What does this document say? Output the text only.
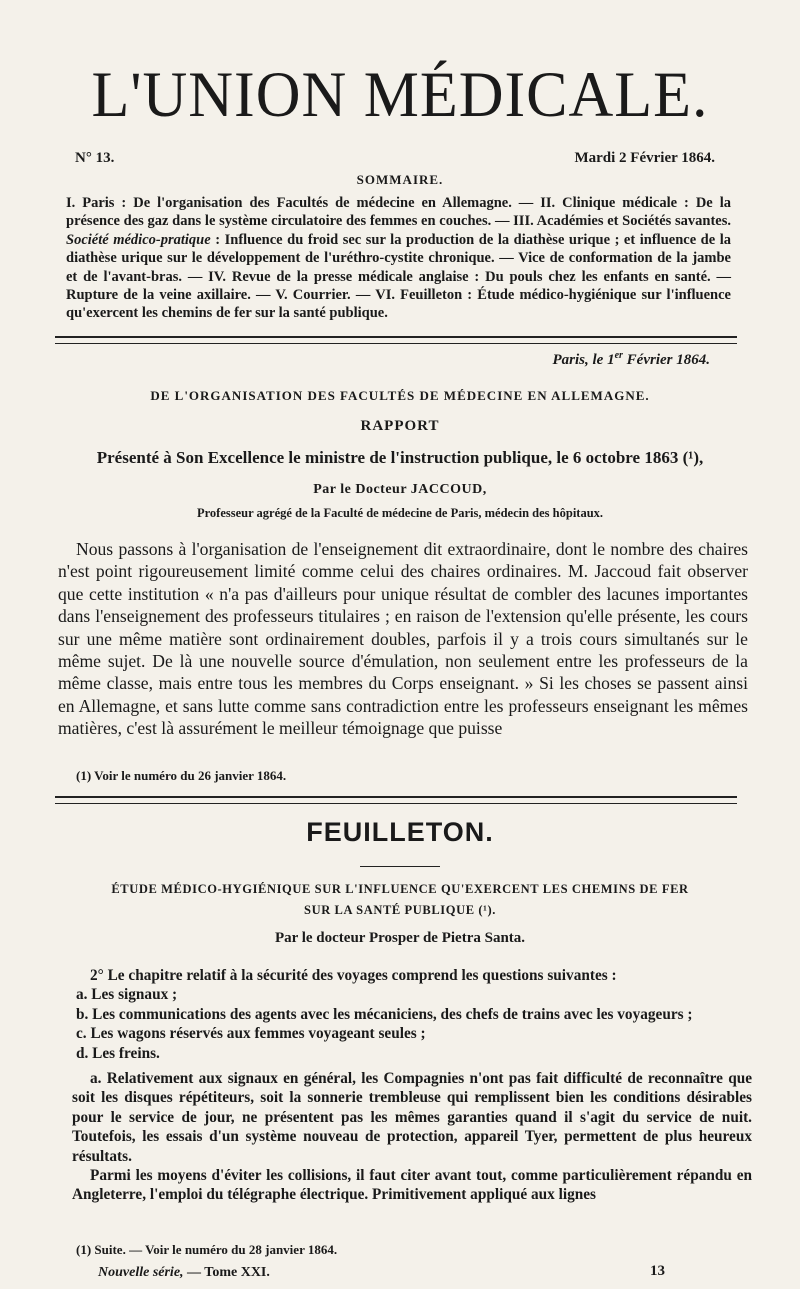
L'UNION MÉDICALE.
N° 13.	Mardi 2 Février 1864.
SOMMAIRE.
I. Paris : De l'organisation des Facultés de médecine en Allemagne. — II. Clinique médicale : De la présence des gaz dans le système circulatoire des femmes en couches. — III. Académies et Sociétés savantes. Société médico-pratique : Influence du froid sec sur la production de la diathèse urique ; et influence de la diathèse urique sur le développement de l'uréthro-cystite chronique. — Vice de conformation de la jambe et de l'avant-bras. — IV. Revue de la presse médicale anglaise : Du pouls chez les enfants en santé. — Rupture de la veine axillaire. — V. Courrier. — VI. Feuilleton : Étude médico-hygiénique sur l'influence qu'exercent les chemins de fer sur la santé publique.
Paris, le 1er Février 1864.
DE L'ORGANISATION DES FACULTÉS DE MÉDECINE EN ALLEMAGNE.
RAPPORT
Présenté à Son Excellence le ministre de l'instruction publique, le 6 octobre 1863 (¹),
Par le Docteur JACCOUD,
Professeur agrégé de la Faculté de médecine de Paris, médecin des hôpitaux.

Nous passons à l'organisation de l'enseignement dit extraordinaire, dont le nombre des chaires n'est point rigoureusement limité comme celui des chaires ordinaires. M. Jaccoud fait observer que cette institution « n'a pas d'ailleurs pour unique résultat de combler des lacunes importantes dans l'enseignement des professeurs titulaires ; en raison de l'extension qu'elle présente, les cours sur une même matière sont ordinairement doubles, parfois il y a trois cours simultanés sur le même sujet. De là une nouvelle source d'émulation, non seulement entre les professeurs de la même classe, mais entre tous les membres du Corps enseignant. » Si les choses se passent ainsi en Allemagne, et sans lutte comme sans contradiction entre les professeurs enseignant les mêmes matières, c'est là assurément le meilleur témoignage que puisse

(1) Voir le numéro du 26 janvier 1864.
FEUILLETON.
ÉTUDE MÉDICO-HYGIÉNIQUE SUR L'INFLUENCE QU'EXERCENT LES CHEMINS DE FER
SUR LA SANTÉ PUBLIQUE (¹).
Par le docteur Prosper de Pietra Santa.

2° Le chapitre relatif à la sécurité des voyages comprend les questions suivantes :

a. Les signaux ;

b. Les communications des agents avec les mécaniciens, des chefs de trains avec les voyageurs ;

c. Les wagons réservés aux femmes voyageant seules ;

d. Les freins.

a. Relativement aux signaux en général, les Compagnies n'ont pas fait difficulté de reconnaître que soit les disques répétiteurs, soit la sonnerie trembleuse qui remplissent bien les conditions désirables pour le service de jour, ne présentent pas les mêmes garanties quand il s'agit du service de nuit. Toutefois, les essais d'un système nouveau de protection, appareil Tyer, permettent de plus heureux résultats.

Parmi les moyens d'éviter les collisions, il faut citer avant tout, comme particulièrement répandu en Angleterre, l'emploi du télégraphe électrique. Primitivement appliqué aux lignes

(1) Suite. — Voir le numéro du 28 janvier 1864.
Nouvelle série, — Tome XXI.	13
